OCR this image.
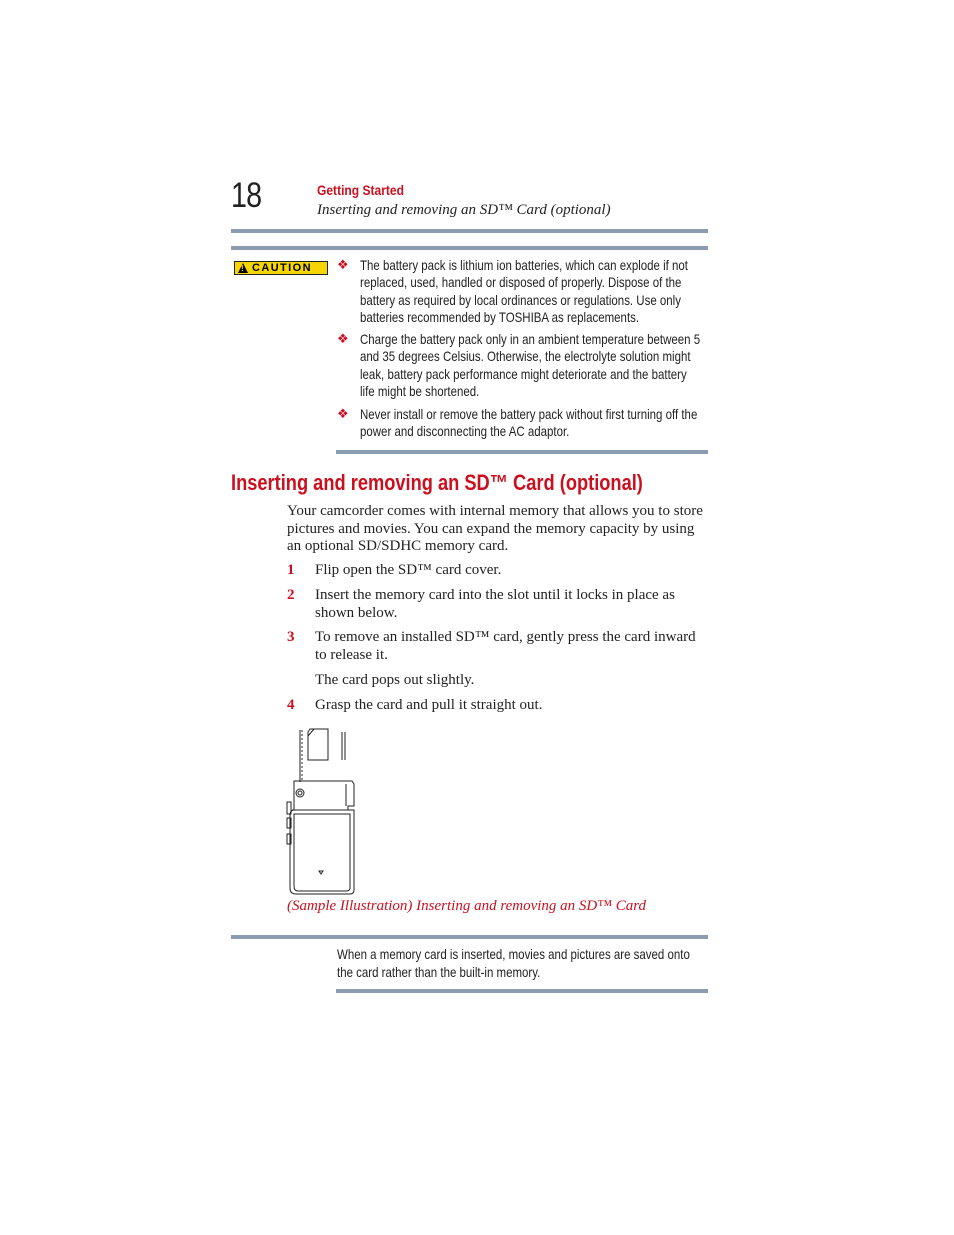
18	Getting Started
Inserting and removing an SD™ Card (optional)
!
CAUTION ❖ The battery pack is lithium ion batteries, which can explode if not replaced, used, handled or disposed of properly. Dispose of the battery as required by local ordinances or regulations. Use only batteries recommended by TOSHIBA as replacements.
❖ Charge the battery pack only in an ambient temperature between 5 and 35 degrees Celsius. Otherwise, the electrolyte solution might leak, battery pack performance might deteriorate and the battery life might be shortened.
❖ Never install or remove the battery pack without first turning off the power and disconnecting the AC adaptor.
Inserting and removing an SD™ Card (optional)
Your camcorder comes with internal memory that allows you to store pictures and movies. You can expand the memory capacity by using an optional SD/SDHC memory card.
1 Flip open the SD™ card cover.
2 Insert the memory card into the slot until it locks in place as shown below.
3 To remove an installed SD™ card, gently press the card inward to release it.
The card pops out slightly.
4 Grasp the card and pull it straight out.
(Sample Illustration) Inserting and removing an SD™ Card
When a memory card is inserted, movies and pictures are saved onto the card rather than the built-in memory.
